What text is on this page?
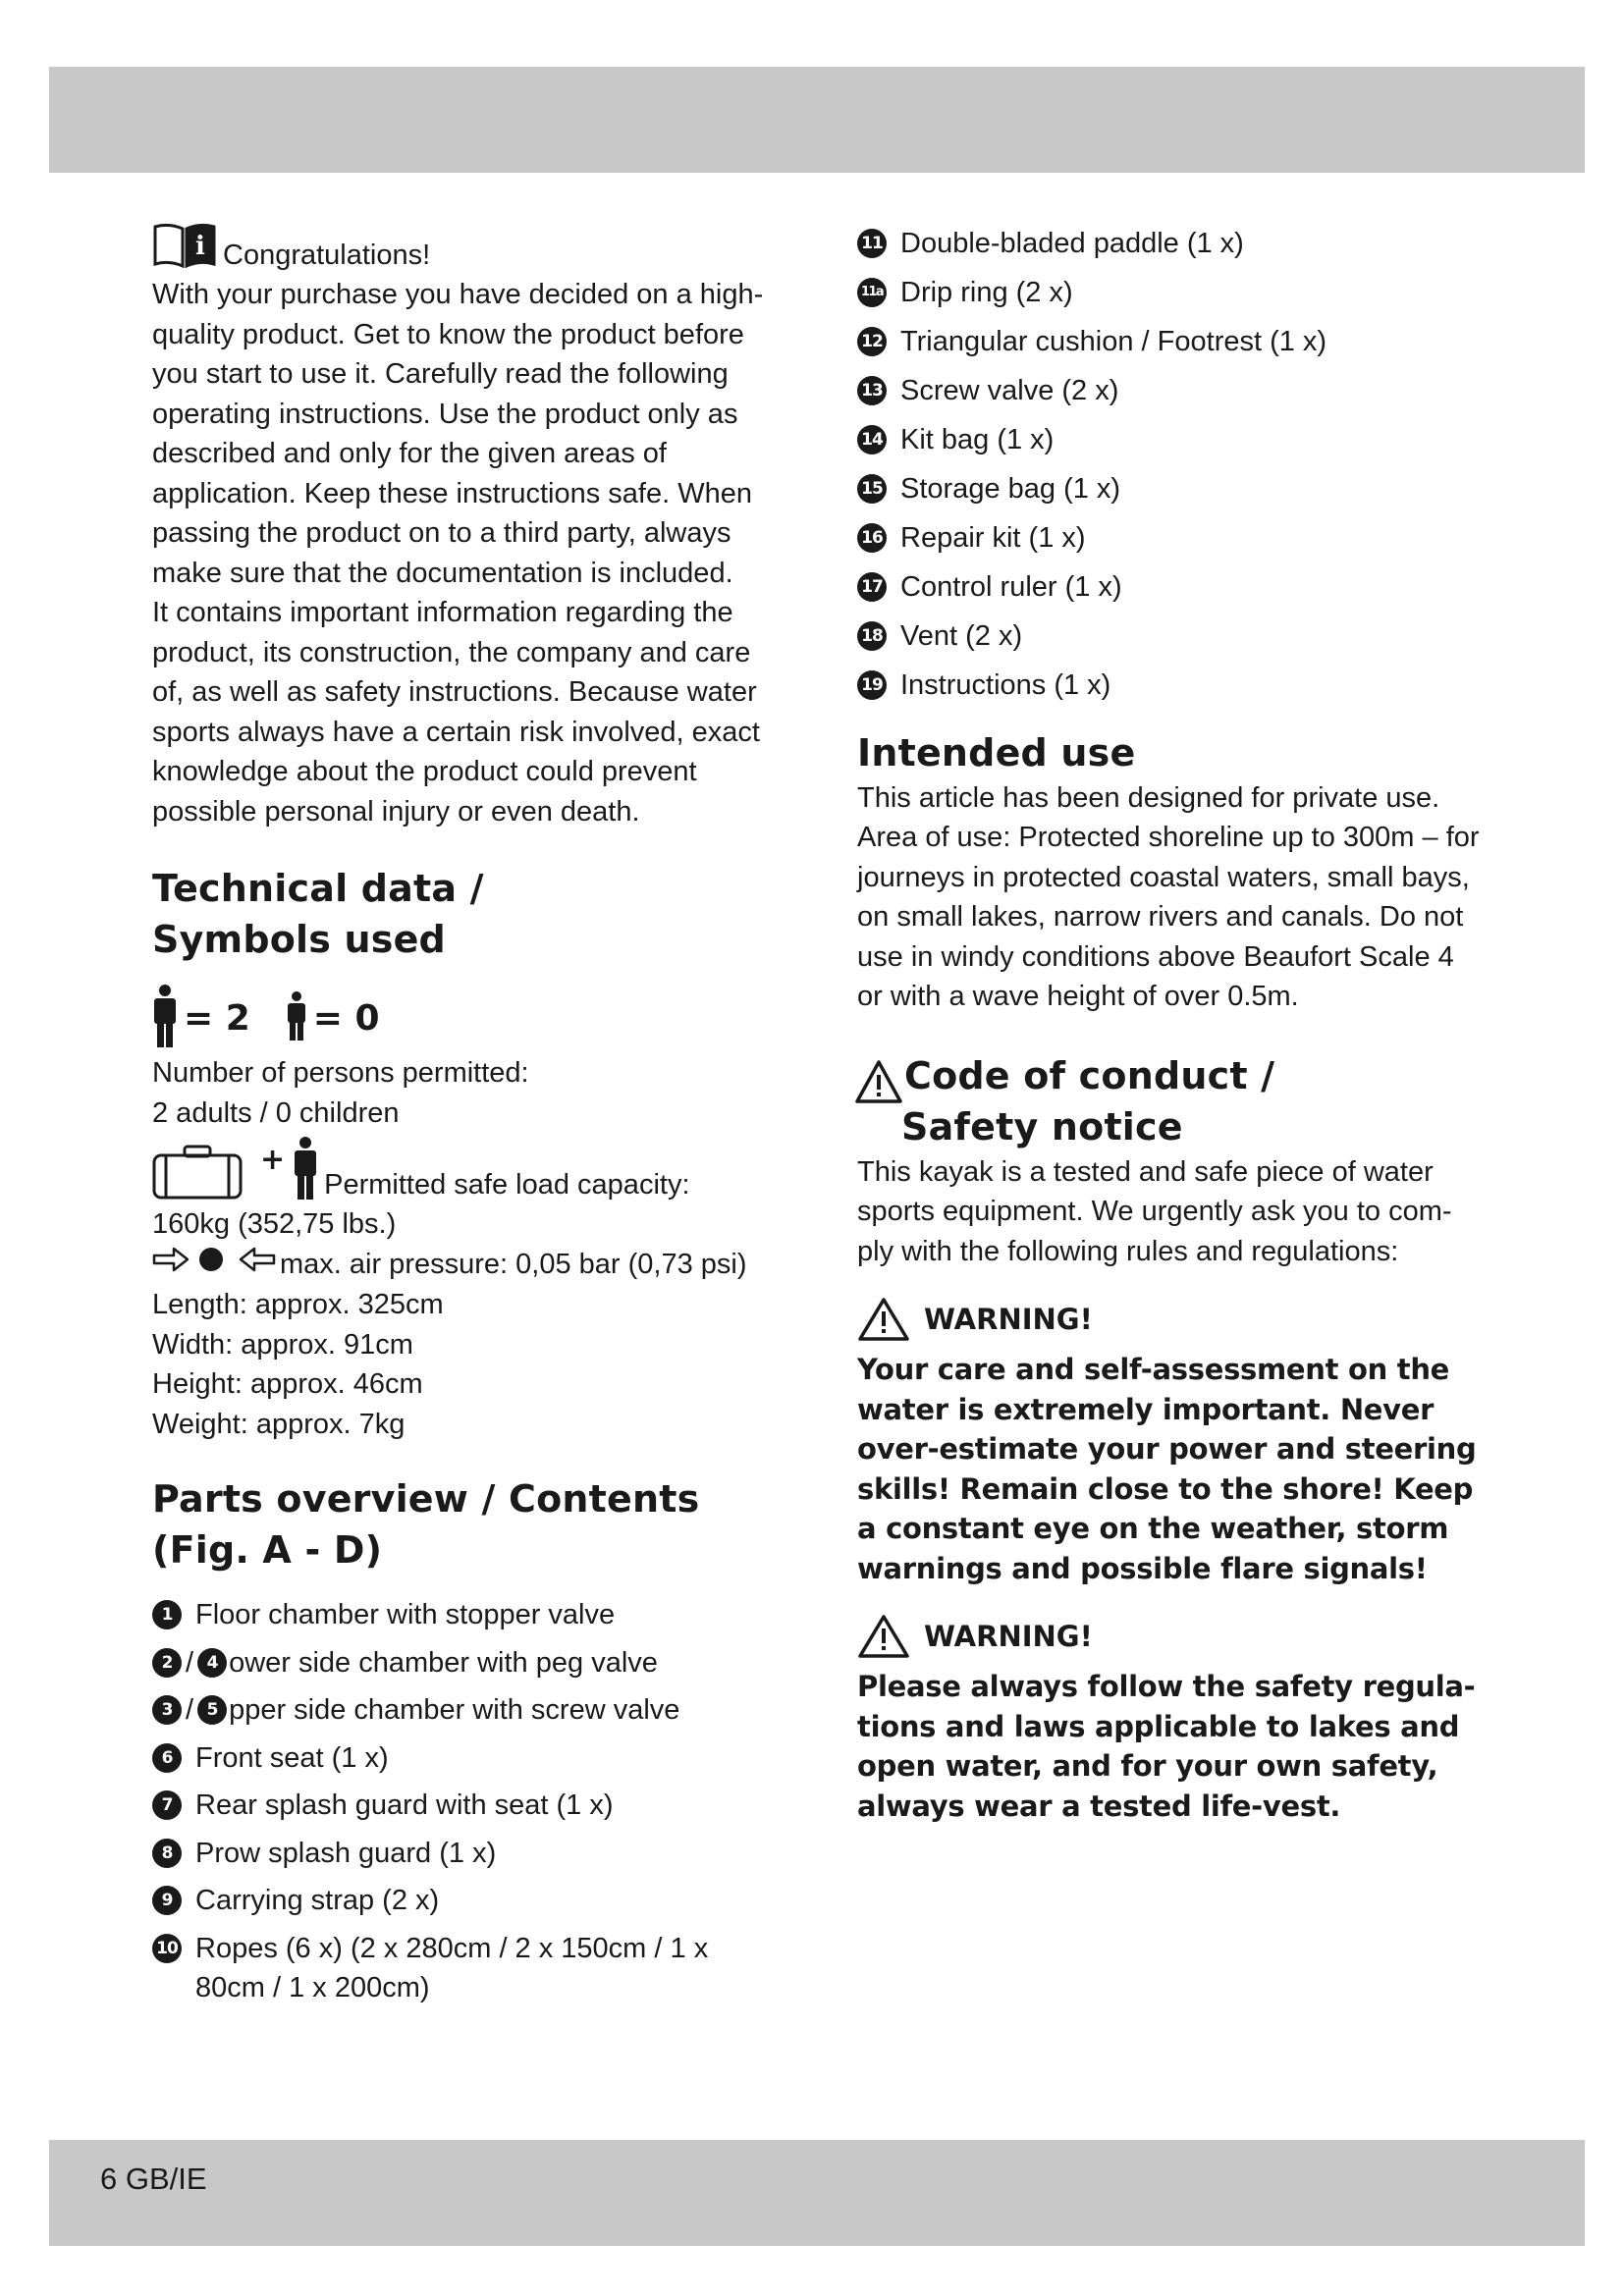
i Congratulations!

With your purchase you have decided on a high-quality product. Get to know the product before you start to use it. Carefully read the following operating instructions. Use the product only as described and only for the given areas of application. Keep these instructions safe. When passing the product on to a third party, always make sure that the documentation is included.

It contains important information regarding the product, its construction, the company and care of, as well as safety instructions. Because water sports always have a certain risk involved, exact knowledge about the product could prevent possible personal injury or even death.

Technical data /
Symbols used
= 2 = 0

Number of persons permitted:

2 adults / 0 children

+
Permitted safe load capacity:

160kg (352,75 lbs.)

max. air pressure: 0,05 bar (0,73 psi)

Length: approx. 325cm

Width: approx. 91cm

Height: approx. 46cm

Weight: approx. 7kg

Parts overview / Contents
(Fig. A - D)
1 Floor chamber with stopper valve
2 / 4 ower side chamber with peg valve
3 / 5 pper side chamber with screw valve
6 Front seat (1 x)
7 Rear splash guard with seat (1 x)
8 Prow splash guard (1 x)
9 Carrying strap (2 x)
10 Ropes (6 x) (2 x 280cm / 2 x 150cm / 1 x 80cm / 1 x 200cm)
11 Double-bladed paddle (1 x)
11a Drip ring (2 x)
12 Triangular cushion / Footrest (1 x)
13 Screw valve (2 x)
14 Kit bag (1 x)
15 Storage bag (1 x)
16 Repair kit (1 x)
17 Control ruler (1 x)
18 Vent (2 x)
19 Instructions (1 x)
Intended use

This article has been designed for private use. Area of use: Protected shoreline up to 300m – for journeys in protected coastal waters, small bays, on small lakes, narrow rivers and canals. Do not use in windy conditions above Beaufort Scale 4 or with a wave height of over 0.5m.

Code of conduct /
Safety notice

This kayak is a tested and safe piece of water sports equipment. We urgently ask you to com-ply with the following rules and regulations:

WARNING!

Your care and self-assessment on the water is extremely important. Never over-estimate your power and steering skills! Remain close to the shore! Keep a constant eye on the weather, storm warnings and possible flare signals!

WARNING!

Please always follow the safety regula-tions and laws applicable to lakes and open water, and for your own safety, always wear a tested life-vest.

6 GB/IE
